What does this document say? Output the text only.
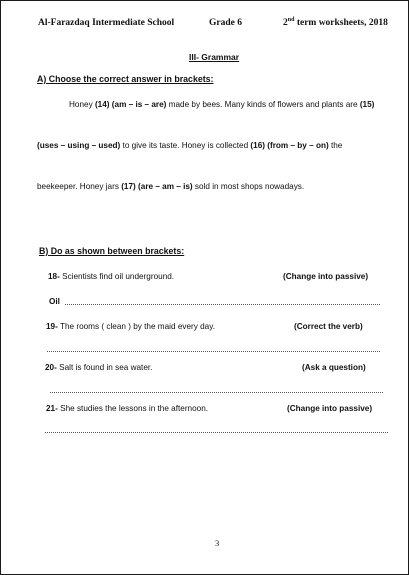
Al-Farazdaq Intermediate School	Grade 6	2nd term worksheets, 2018
III- Grammar
A) Choose the correct answer in brackets:
Honey (14) (am – is – are) made by bees. Many kinds of flowers and plants are (15)
(uses – using – used) to give its taste. Honey is collected (16) (from – by – on) the
beekeeper. Honey jars (17) (are – am – is) sold in most shops nowadays.
B) Do as shown between brackets:
18- Scientists find oil underground.	(Change into passive)
Oil
19- The rooms ( clean ) by the maid every day.	(Correct the verb)
20- Salt is found in sea water.	(Ask a question)
21- She studies the lessons in the afternoon.	(Change into passive)
3
